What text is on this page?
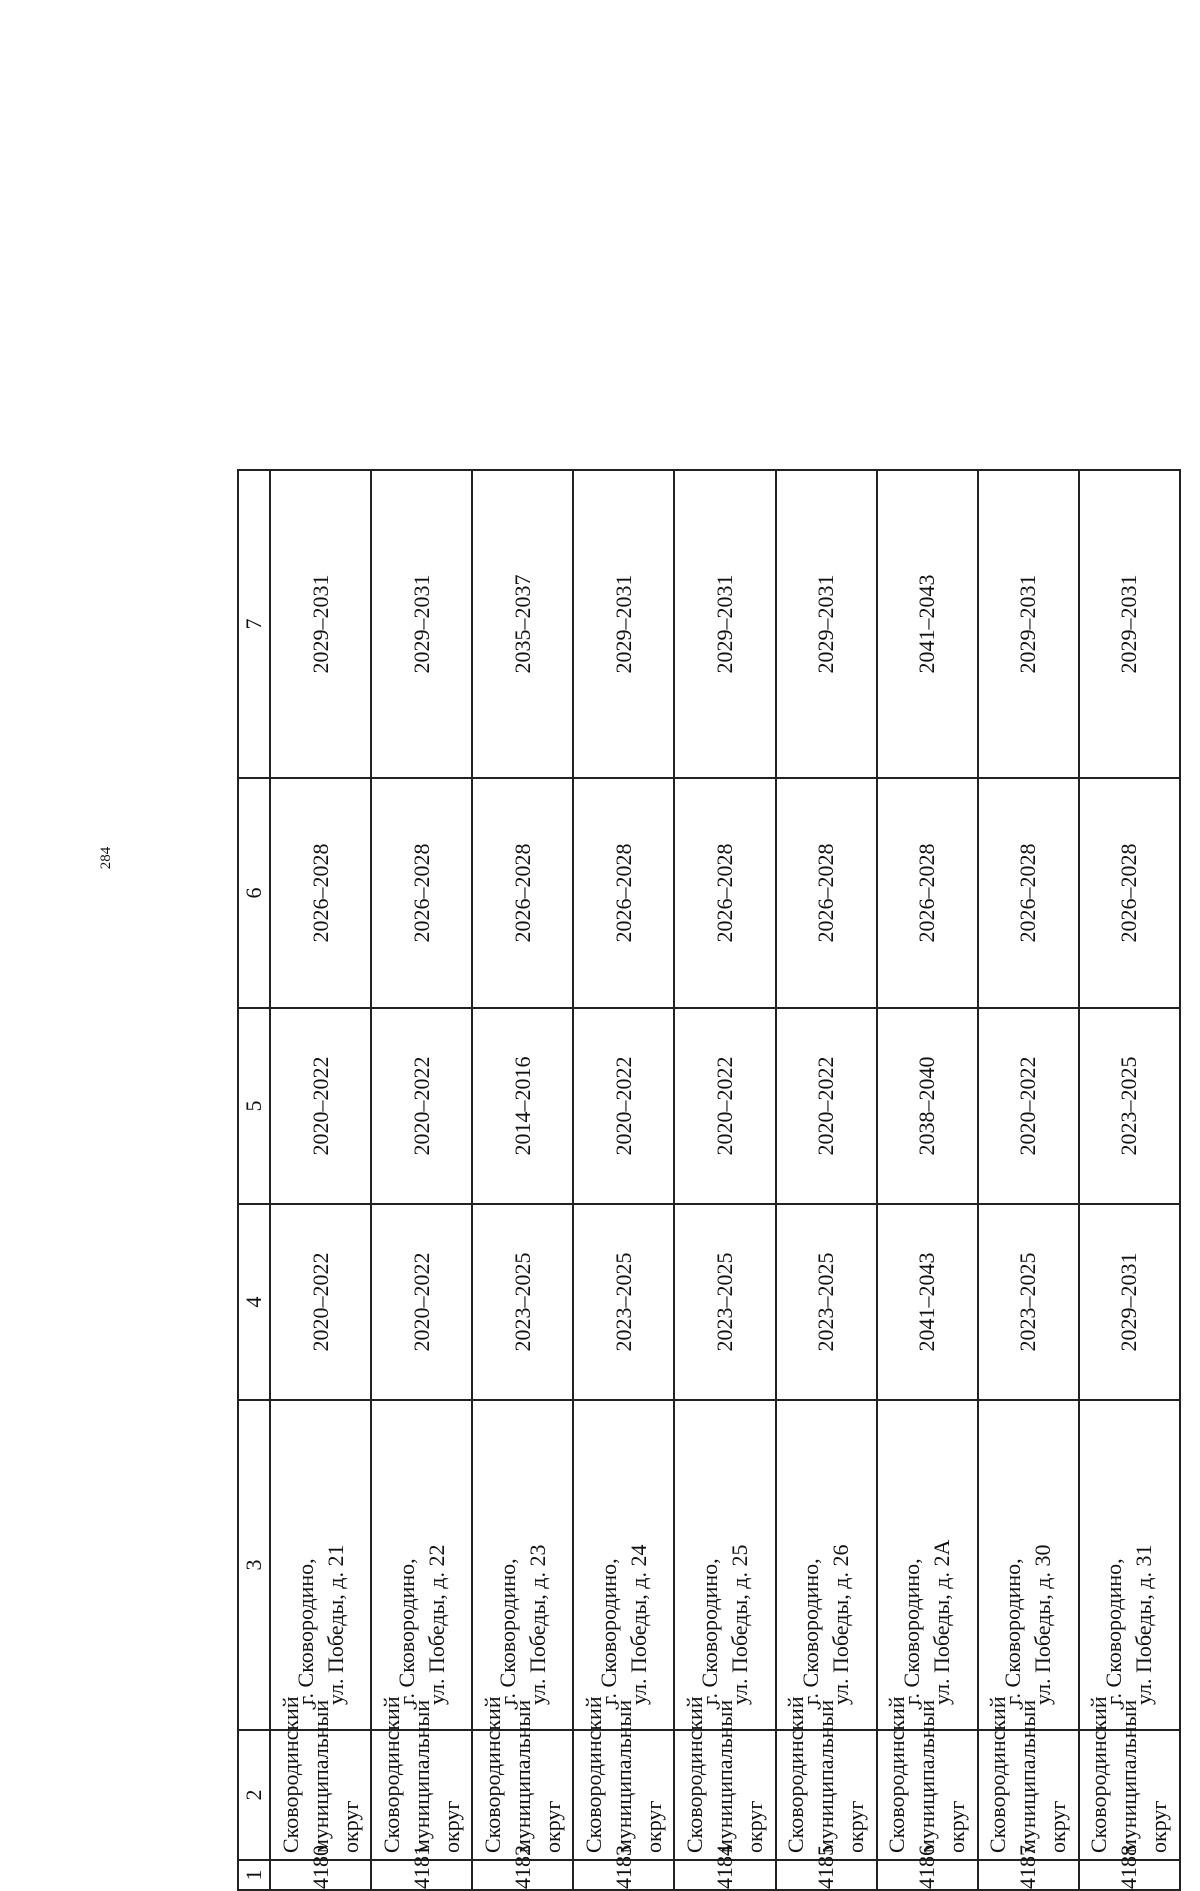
284
1	2	3	4	5	6	7
4180	Сковородинский муниципальный округ	г. Сковородино, ул. Победы, д. 21	2020–2022	2020–2022	2026–2028	2029–2031
4181	Сковородинский муниципальный округ	г. Сковородино, ул. Победы, д. 22	2020–2022	2020–2022	2026–2028	2029–2031
4182	Сковородинский муниципальный округ	г. Сковородино, ул. Победы, д. 23	2023–2025	2014–2016	2026–2028	2035–2037
4183	Сковородинский муниципальный округ	г. Сковородино, ул. Победы, д. 24	2023–2025	2020–2022	2026–2028	2029–2031
4184	Сковородинский муниципальный округ	г. Сковородино, ул. Победы, д. 25	2023–2025	2020–2022	2026–2028	2029–2031
4185	Сковородинский муниципальный округ	г. Сковородино, ул. Победы, д. 26	2023–2025	2020–2022	2026–2028	2029–2031
4186	Сковородинский муниципальный округ	г. Сковородино, ул. Победы, д. 2А	2041–2043	2038–2040	2026–2028	2041–2043
4187	Сковородинский муниципальный округ	г. Сковородино, ул. Победы, д. 30	2023–2025	2020–2022	2026–2028	2029–2031
4188	Сковородинский муниципальный округ	г. Сковородино, ул. Победы, д. 31	2029–2031	2023–2025	2026–2028	2029–2031
